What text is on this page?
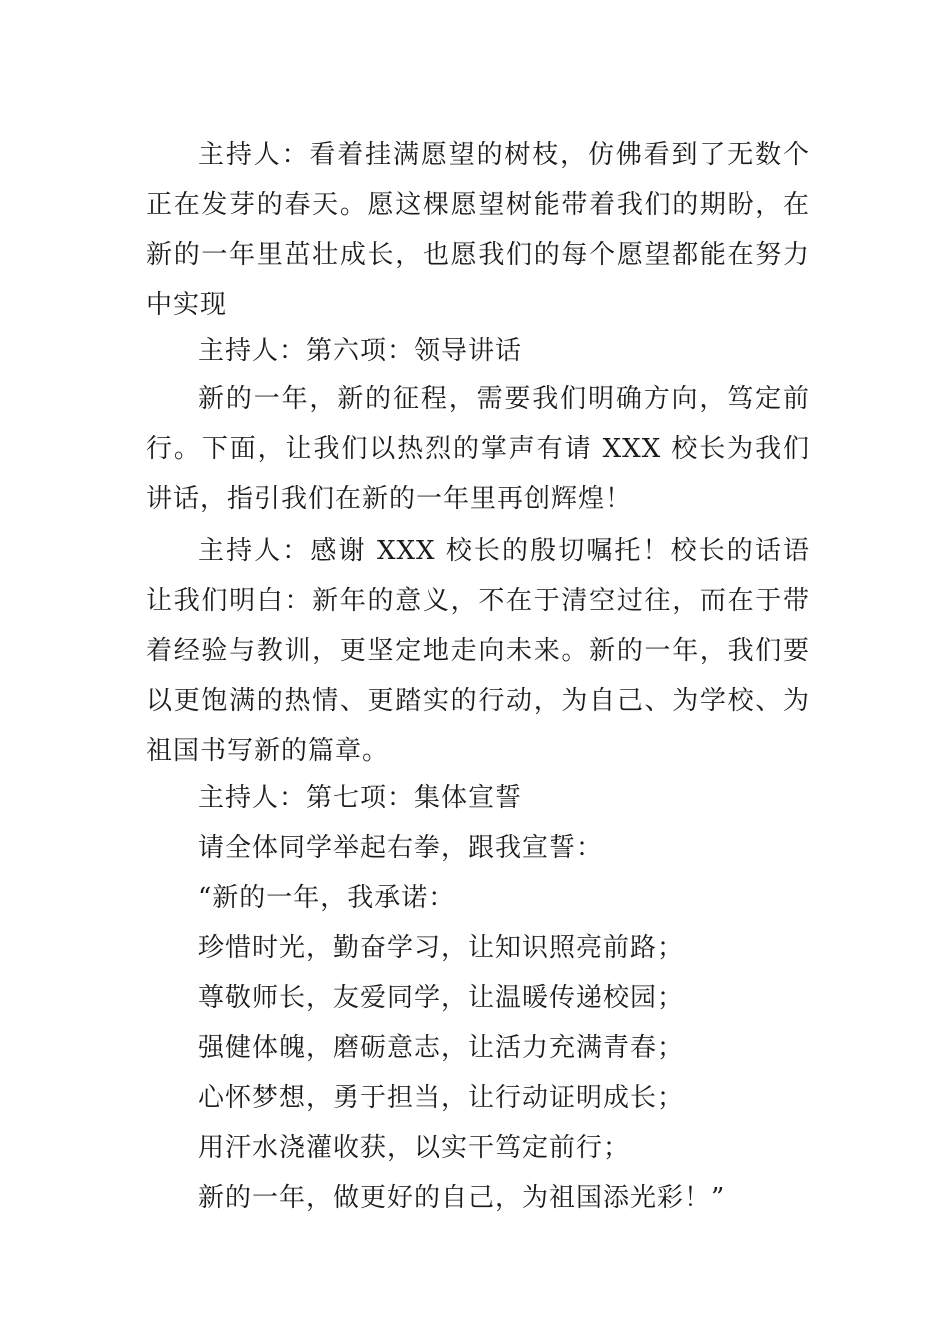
主持人：看着挂满愿望的树枝，仿佛看到了无数个正在发芽的春天。愿这棵愿望树能带着我们的期盼，在新的一年里茁壮成长，也愿我们的每个愿望都能在努力中实现

主持人：第六项：领导讲话

新的一年，新的征程，需要我们明确方向，笃定前行。下面，让我们以热烈的掌声有请 XXX 校长为我们讲话，指引我们在新的一年里再创辉煌！

主持人：感谢 XXX 校长的殷切嘱托！校长的话语让我们明白：新年的意义，不在于清空过往，而在于带着经验与教训，更坚定地走向未来。新的一年，我们要以更饱满的热情、更踏实的行动，为自己、为学校、为祖国书写新的篇章。

主持人：第七项：集体宣誓
请全体同学举起右拳，跟我宣誓：
“新的一年，我承诺：
珍惜时光，勤奋学习，让知识照亮前路；
尊敬师长，友爱同学，让温暖传递校园；
强健体魄，磨砺意志，让活力充满青春；
心怀梦想，勇于担当，让行动证明成长；
用汗水浇灌收获，以实干笃定前行；
新的一年，做更好的自己，为祖国添光彩！”
